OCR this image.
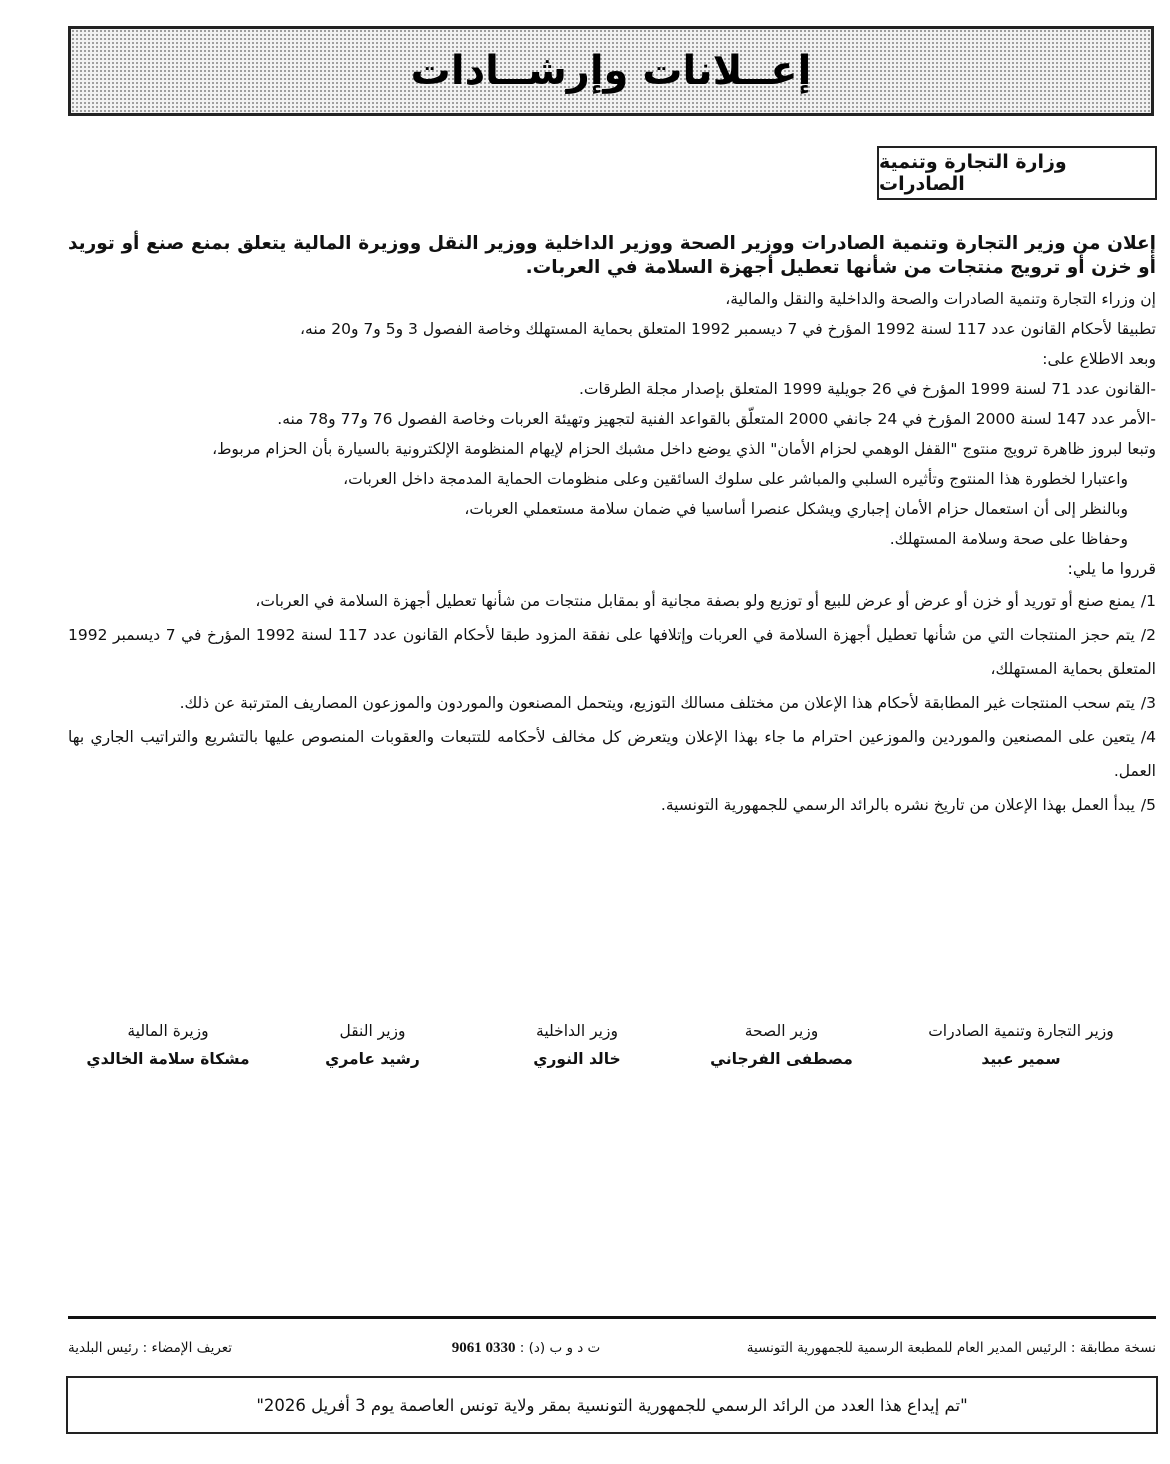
إعــلانات وإرشــادات
وزارة التجارة وتنمية الصادرات

إعلان من وزير التجارة وتنمية الصادرات ووزير الصحة ووزير الداخلية ووزير النقل ووزيرة المالية يتعلق بمنع صنع أو توريد أو خزن أو ترويج منتجات من شأنها تعطيل أجهزة السلامة في العربات.

إن وزراء التجارة وتنمية الصادرات والصحة والداخلية والنقل والمالية،

تطبيقا لأحكام القانون عدد 117 لسنة 1992 المؤرخ في 7 ديسمبر 1992 المتعلق بحماية المستهلك وخاصة الفصول 3 و5 و7 و20 منه،

وبعد الاطلاع على:

-القانون عدد 71 لسنة 1999 المؤرخ في 26 جويلية 1999 المتعلق بإصدار مجلة الطرقات.

-الأمر عدد 147 لسنة 2000 المؤرخ في 24 جانفي 2000 المتعلّق بالقواعد الفنية لتجهيز وتهيئة العربات وخاصة الفصول 76 و77 و78 منه.

وتبعا لبروز ظاهرة ترويج منتوج "القفل الوهمي لحزام الأمان" الذي يوضع داخل مشبك الحزام لإيهام المنظومة الإلكترونية بالسيارة بأن الحزام مربوط،

واعتبارا لخطورة هذا المنتوج وتأثيره السلبي والمباشر على سلوك السائقين وعلى منظومات الحماية المدمجة داخل العربات،

وبالنظر إلى أن استعمال حزام الأمان إجباري ويشكل عنصرا أساسيا في ضمان سلامة مستعملي العربات،

وحفاظا على صحة وسلامة المستهلك.

قرروا ما يلي:

1/يمنع صنع أو توريد أو خزن أو عرض أو عرض للبيع أو توزيع ولو بصفة مجانية أو بمقابل منتجات من شأنها تعطيل أجهزة السلامة في العربات،

2/يتم حجز المنتجات التي من شأنها تعطيل أجهزة السلامة في العربات وإتلافها على نفقة المزود طبقا لأحكام القانون عدد 117 لسنة 1992 المؤرخ في 7 ديسمبر 1992 المتعلق بحماية المستهلك،

3/يتم سحب المنتجات غير المطابقة لأحكام هذا الإعلان من مختلف مسالك التوزيع، ويتحمل المصنعون والموردون والموزعون المصاريف المترتبة عن ذلك.

4/يتعين على المصنعين والموردين والموزعين احترام ما جاء بهذا الإعلان ويتعرض كل مخالف لأحكامه للتتبعات والعقوبات المنصوص عليها بالتشريع والتراتيب الجاري بها العمل.

5/يبدأ العمل بهذا الإعلان من تاريخ نشره بالرائد الرسمي للجمهورية التونسية.

وزير التجارة وتنمية الصادرات
سمير عبيد
وزير الصحة
مصطفى الفرجاني
وزير الداخلية
خالد النوري
وزير النقل
رشيد عامري
وزيرة المالية
مشكاة سلامة الخالدي
نسخة مطابقة : الرئيس المدير العام للمطبعة الرسمية للجمهورية التونسية
ت د و ب (د) : 0330 9061
تعريف الإمضاء : رئيس البلدية
"تم إيداع هذا العدد من الرائد الرسمي للجمهورية التونسية بمقر ولاية تونس العاصمة يوم 3 أفريل 2026"
